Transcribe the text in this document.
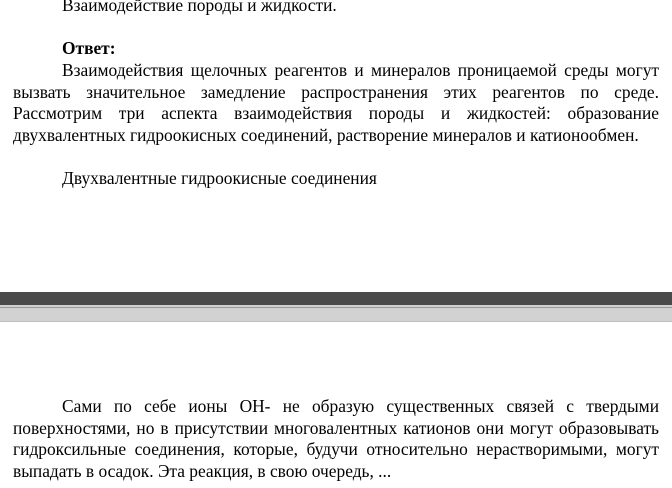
Взаимодействие породы и жидкости.

Ответ:

Взаимодействия щелочных реагентов и минералов проницаемой среды могут вызвать значительное замедление распространения этих реагентов по среде. Рассмотрим три аспекта взаимодействия породы и жидкостей: образование двухвалентных гидроокисных соединений, растворение минералов и катионообмен.

Двухвалентные гидроокисные соединения

Сами по себе ионы ОН- не образую существенных связей с твердыми поверхностями, но в присутствии многовалентных катионов они могут образовывать гидроксильные соединения, которые, будучи относительно нерастворимыми, могут выпадать в осадок. Эта реакция, в свою очередь, ...
